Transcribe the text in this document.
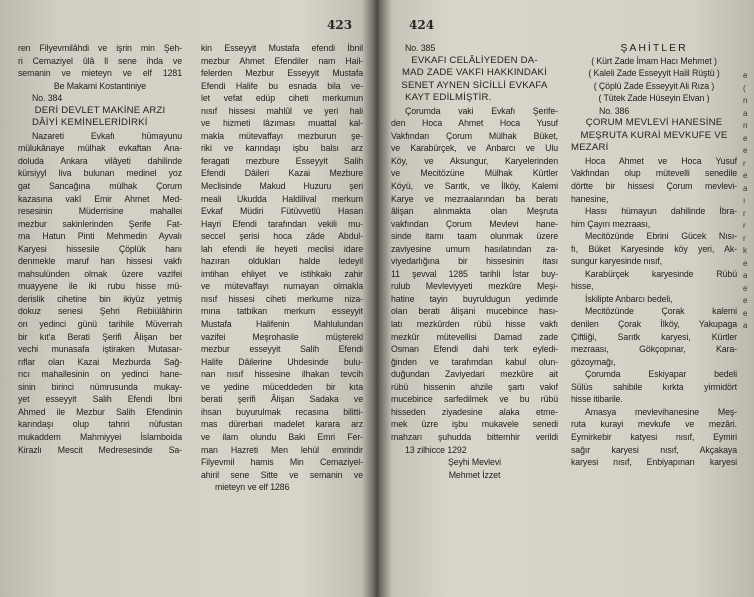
423	424
ren Filyevmilâhdi ve işrin min Şeh-
ri Cemaziyel ûlâ ll sene ihda ve
semanin ve mieteyn ve elf 1281
Be Makami Kostantiniye
No. 384
DERİ DEVLET MAKİNE ARZI
DÂİYİ KEMİNELERİDİRKİ
Nazareti Evkafı hümayunu
mülukânaye mülhak evkaftan Ana-
doluda Ankara vilâyeti dahilinde
kürsiyyl liva bulunan medinel yoz
gat Sancağına mülhak Çorum
kazasına vakî Emir Ahmet Med-
resesinin Müderrisine mahallei
mezbur sakinlerinden Şerife Fat-
ma Hatun Pinti Mehmedin Ayvalı
Karyesi hissesile Çöplük hanı
denmekle maruf han hissesi vakfı
mahsulünden olmak üzere vazifei
muayyene ile iki rubu hisse mü-
derislik cihetine bin ikiyüz yetmiş
dokuz senesi Şehri Rebiülâhirin
on yedinci günü tarihile Müverrah
bir kıt'a Berati Şerifi Âlişan ber
vechi munasafa iştiraken Mutasar-
rıflar olan Kazai Mezburda Sağ-
rıcı mahallesinin on yedinci hane-
sinin birinci nümrusunda mukay-
yet esseyyit Salih Efendi İbni
Ahmed ile Mezbur Salih Efendinin
karındaşı olup tahriri nüfustan
mukaddem Mahmiyyei İslamboida
Kirazlı Mescit Medresesinde Sa-
kin Esseyyit Mustafa efendi İbnil
mezbur Ahmet Efendiler nam Hail-
felerden Mezbur Esseyyit Mustafa
Efendi Halife bu esnada bila ve-
let vefat edüp ciheti merkumun
nısıf hissesi mahlûl ve yeri hali
ve hizmeti lâzıması muattal kal-
makla mütevaffayı mezburun şe-
riki ve karındaşı işbu balsı arz
feragati mezbure Esseyyit Salih
Efendi Dâileri Kazai Mezbure
Meclisinde Makud Huzuru şeri
meali Ukudda Haldilival merkum
Evkaf Müdiri Fütüvvetlû Hasan
Hayri Efendi tarafından vekili mu-
seccel şerisi hoca zâde Abdul-
lah efendi ile heyeti meclisi idare
hazıran oldukları halde ledeyil
imtihan ehliyet ve istihkakı zahir
ve mütevaffayı numayan olmakla
nısıf hissesi ciheti merkume niza-
mına tatbikan merkum esseyyit
Mustafa Halifenin Mahlulundan
vazifei Meşrohasile müşterekl
mezbur esseyyit Salih Efendi
Halife Dâilerine Uhdesinde bulu-
nan nısıf hissesine ilhakan tevcih
ve yedine müceddeden bir kıta
berati şerifi Âlişan Sadaka ve
ihsan buyurulmak recasına bilitti-
mas dürerbari madelet karara arz
ve ilam olundu Baki Emri Fer-
man Hazreti Men lehül emrindir
Filyevmil hamis Min Cemaziyel-
ahiril sene Sitte ve semanin ve
mieteyn ve elf 1286
No. 385
EVKAFI CELÂLİYEDEN DA-
MAD ZADE VAKFI HAKKINDAKİ
SENET AYNEN SİCİLLİ EVKAFA
KAYT EDİLMİŞTİR.
Çorumda vaki Evkafı Şerife-
den Hoca Ahmet Hoca Yusuf
Vakfından Çorum Mülhak Büket,
ve Karabürçek, ve Anbarcı ve Ulu
Köy, ve Aksungur, Karyelerinden
ve Mecitözüne Mülhak Kürtler
Köyü, ve Sarıtk, ve İlköy, Kalemi
Karye ve mezraalarından ba beratı
âlişan alınmakta olan Meşruta
vakfından Çorum Mevlevi hane-
sinde itamı taam olunmak üzere
zaviyesine umum hasılatından za-
viyedarlığına bir hissesinin itası
11 şevval 1285 tarihli İstar buy-
rulub Mevleviyyeti mezkûre Meşi-
hatine tayin buyruldugun yedimde
olan berati âlişani mucebince hası-
latı mezkûrden rübü hisse vakfı
mezkûr mütevellisi Damad zade
Osman Efendi dahi terk eyledi-
ğinden ve tarafımdan kabul olun-
duğundan Zaviyedari mezkûre ait
rübü hissenin ahzile şartı vakıf
mucebince sarfedilmek ve bu rübü
hisseden ziyadesine alaka etme-
mek üzre işbu mukavele senedi
mahzarı şuhudda bittemhir verildi
13 zilhicce 1292
Şeyhi Mevlevi
Mehmet İzzet
ŞAHİTLER
( Kürt Zade İmam Hacı Mehmet )
( Kaleli Zade Esseyyit Halil Rüştü )
( Çöplü Zade Esseyyit Ali Rıza )
( Tütek Zade Hüseyin Elvan )
No. 386
ÇORUM MEVLEVİ HANESİNE
MEŞRUTA KURAİ MEVKUFE VE
MEZARİ
Hoca Ahmet ve Hoca Yusuf
Vakfından olup mütevelli senedile
dörtte bir hissesi Çorum mevlevi-
hanesine,
Hassı hümayun dahilinde İbra-
him Çayırı mezraası,
Mecitözünde Ebrini Gücek Nısı-
fı, Büket Karyesinde köy yeri, Ak-
sungur karyesinde nısıf,
Karabürçek karyesinde Rübü
hisse,
İskilipte Anbarcı bedeli,
Mecitözünde Çorak kalemi
denilen Çorak İlköy, Yakupaga
Çiftliği, Sarıtk karyesi, Kürtler
mezraası, Gökçopınar, Kara-
gözoymağı,
Çorumda Eskiyapar bedeli
Sülüs sahibile kırkta yirmidört
hisse itibarile.
Amasya mevlevihanesine Meş-
ruta kurayi mevkufe ve mezâri.
Eymirkebir katyesi nısıf, Eymiri
sağır karyesi nısıf, Akçakaya
karyesi nısıf, Enbiyapınarı karyesi
e
(
n
a
n
e
e
r
e
a
ı
r
r
r
k
e
a
e
e
e
a
